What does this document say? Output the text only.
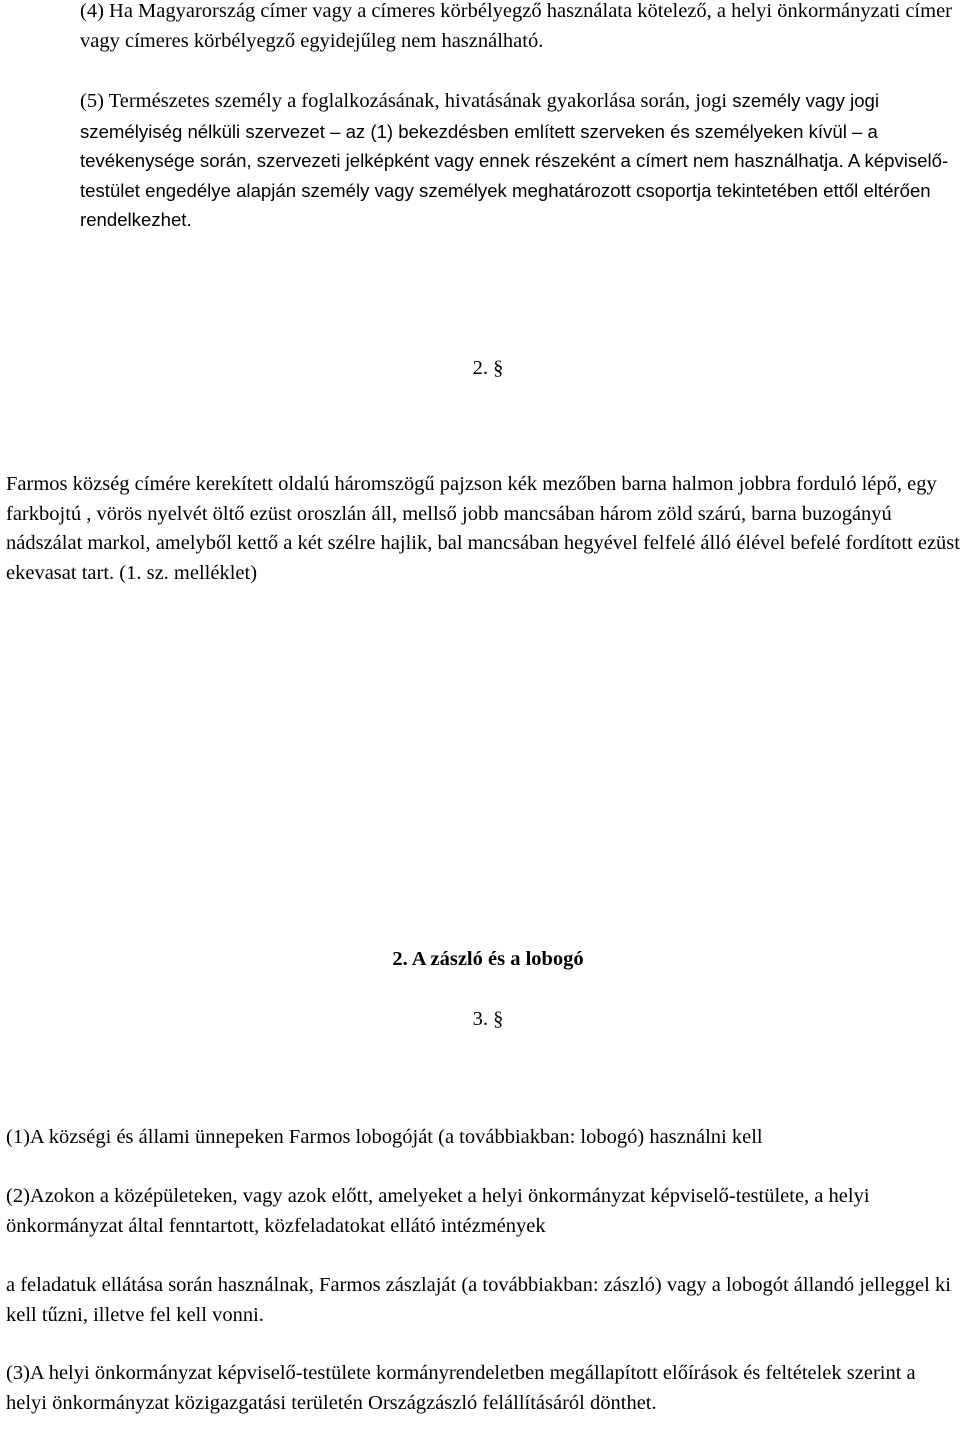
(4) Ha Magyarország címer vagy a címeres körbélyegző használata kötelező, a helyi önkormányzati címer vagy címeres körbélyegző egyidejűleg nem használható.

(5) Természetes személy a foglalkozásának, hivatásának gyakorlása során, jogi személy vagy jogi személyiség nélküli szervezet – az (1) bekezdésben említett szerveken és személyeken kívül – a tevékenysége során, szervezeti jelképként vagy ennek részeként a címert nem használhatja. A képviselő-testület engedélye alapján személy vagy személyek meghatározott csoportja tekintetében ettől eltérően rendelkezhet.

2. §

Farmos község címére kerekített oldalú háromszögű pajzson kék mezőben barna halmon jobbra forduló lépő, egy farkbojtú , vörös nyelvét öltő ezüst oroszlán áll, mellső jobb mancsában három zöld szárú, barna buzogányú nádszálat markol, amelyből kettő a két szélre hajlik, bal mancsában hegyével felfelé álló élével befelé fordított ezüst ekevasat tart. (1. sz. melléklet)

2. A zászló és a lobogó

3. §

(1)A községi és állami ünnepeken Farmos lobogóját (a továbbiakban: lobogó) használni kell

(2)Azokon a középületeken, vagy azok előtt, amelyeket a helyi önkormányzat képviselő-testülete, a helyi önkormányzat által fenntartott, közfeladatokat ellátó intézmények

a feladatuk ellátása során használnak, Farmos zászlaját (a továbbiakban: zászló) vagy a lobogót állandó jelleggel ki kell tűzni, illetve fel kell vonni.

(3)A helyi önkormányzat képviselő-testülete kormányrendeletben megállapított előírások és feltételek szerint a helyi önkormányzat közigazgatási területén Országzászló felállításáról dönthet.
